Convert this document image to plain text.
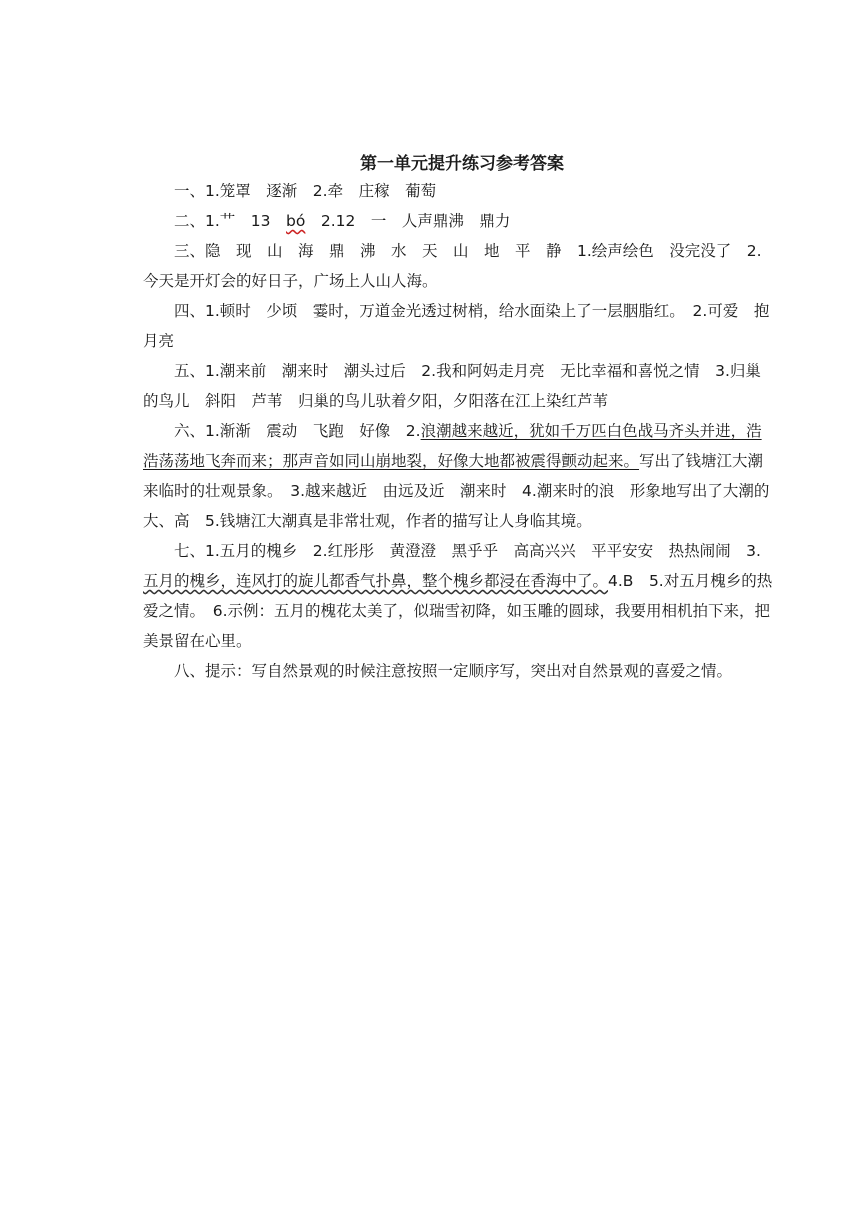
第一单元提升练习参考答案

一、1.笼罩　逐渐　2.牵　庄稼　葡萄

二、1.艹　13　bó　2.12　一　人声鼎沸　鼎力

三、隐　现　山　海　鼎　沸　水　天　山　地　平　静　1.绘声绘色　没完没了　2.今天是开灯会的好日子，广场上人山人海。

四、1.顿时　少顷　霎时，万道金光透过树梢，给水面染上了一层胭脂红。　2.可爱　抱　月亮

五、1.潮来前　潮来时　潮头过后　2.我和阿妈走月亮　无比幸福和喜悦之情　3.归巢的鸟儿　斜阳　芦苇　归巢的鸟儿驮着夕阳，夕阳落在江上染红芦苇

六、1.渐渐　震动　飞跑　好像　2.浪潮越来越近，犹如千万匹白色战马齐头并进，浩浩荡荡地飞奔而来；那声音如同山崩地裂，好像大地都被震得颤动起来。写出了钱塘江大潮来临时的壮观景象。　3.越来越近　由远及近　潮来时　4.潮来时的浪　形象地写出了大潮的大、高　5.钱塘江大潮真是非常壮观，作者的描写让人身临其境。

七、1.五月的槐乡　2.红彤彤　黄澄澄　黑乎乎　高高兴兴　平平安安　热热闹闹　3.五月的槐乡，连风打的旋儿都香气扑鼻，整个槐乡都浸在香海中了。4.B　5.对五月槐乡的热爱之情。　6.示例：五月的槐花太美了，似瑞雪初降，如玉雕的圆球，我要用相机拍下来，把美景留在心里。

八、提示：写自然景观的时候注意按照一定顺序写，突出对自然景观的喜爱之情。
